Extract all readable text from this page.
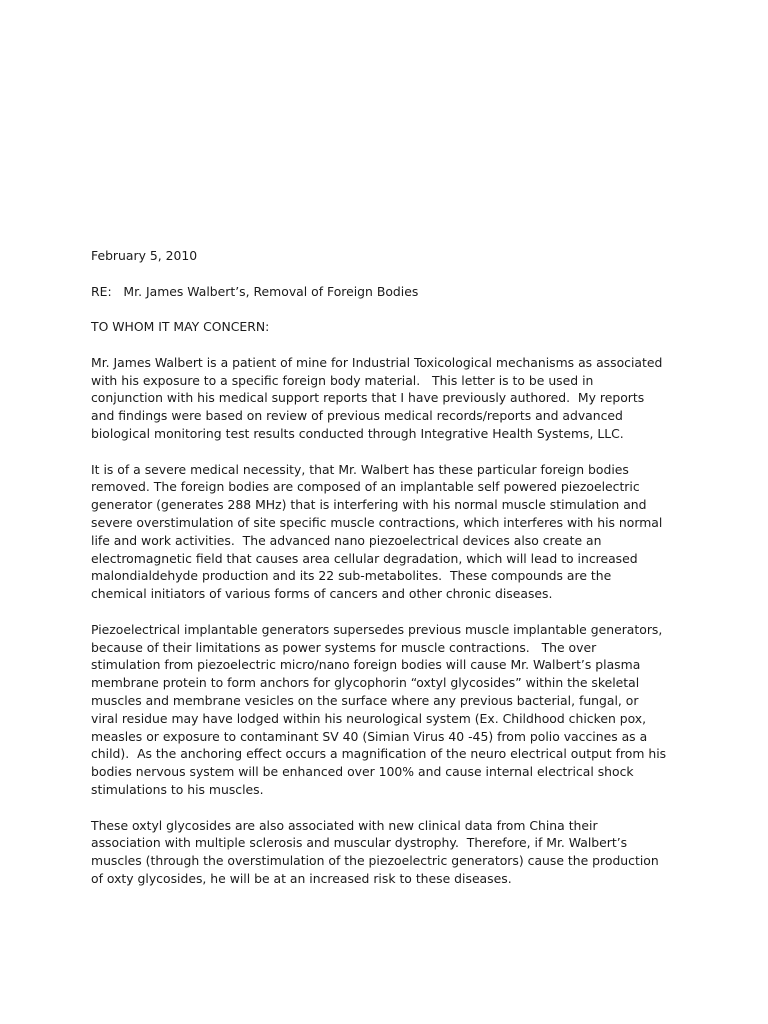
February 5, 2010
RE:   Mr. James Walbert’s, Removal of Foreign Bodies
TO WHOM IT MAY CONCERN:
Mr. James Walbert is a patient of mine for Industrial Toxicological mechanisms as associated
with his exposure to a specific foreign body material.   This letter is to be used in
conjunction with his medical support reports that I have previously authored.  My reports
and findings were based on review of previous medical records/reports and advanced
biological monitoring test results conducted through Integrative Health Systems, LLC.
It is of a severe medical necessity, that Mr. Walbert has these particular foreign bodies
removed. The foreign bodies are composed of an implantable self powered piezoelectric
generator (generates 288 MHz) that is interfering with his normal muscle stimulation and
severe overstimulation of site specific muscle contractions, which interferes with his normal
life and work activities.  The advanced nano piezoelectrical devices also create an
electromagnetic field that causes area cellular degradation, which will lead to increased
malondialdehyde production and its 22 sub-metabolites.  These compounds are the
chemical initiators of various forms of cancers and other chronic diseases.
Piezoelectrical implantable generators supersedes previous muscle implantable generators,
because of their limitations as power systems for muscle contractions.   The over
stimulation from piezoelectric micro/nano foreign bodies will cause Mr. Walbert’s plasma
membrane protein to form anchors for glycophorin “oxtyl glycosides” within the skeletal
muscles and membrane vesicles on the surface where any previous bacterial, fungal, or
viral residue may have lodged within his neurological system (Ex. Childhood chicken pox,
measles or exposure to contaminant SV 40 (Simian Virus 40 -45) from polio vaccines as a
child).  As the anchoring effect occurs a magnification of the neuro electrical output from his
bodies nervous system will be enhanced over 100% and cause internal electrical shock
stimulations to his muscles.
These oxtyl glycosides are also associated with new clinical data from China their
association with multiple sclerosis and muscular dystrophy.  Therefore, if Mr. Walbert’s
muscles (through the overstimulation of the piezoelectric generators) cause the production
of oxty glycosides, he will be at an increased risk to these diseases.
